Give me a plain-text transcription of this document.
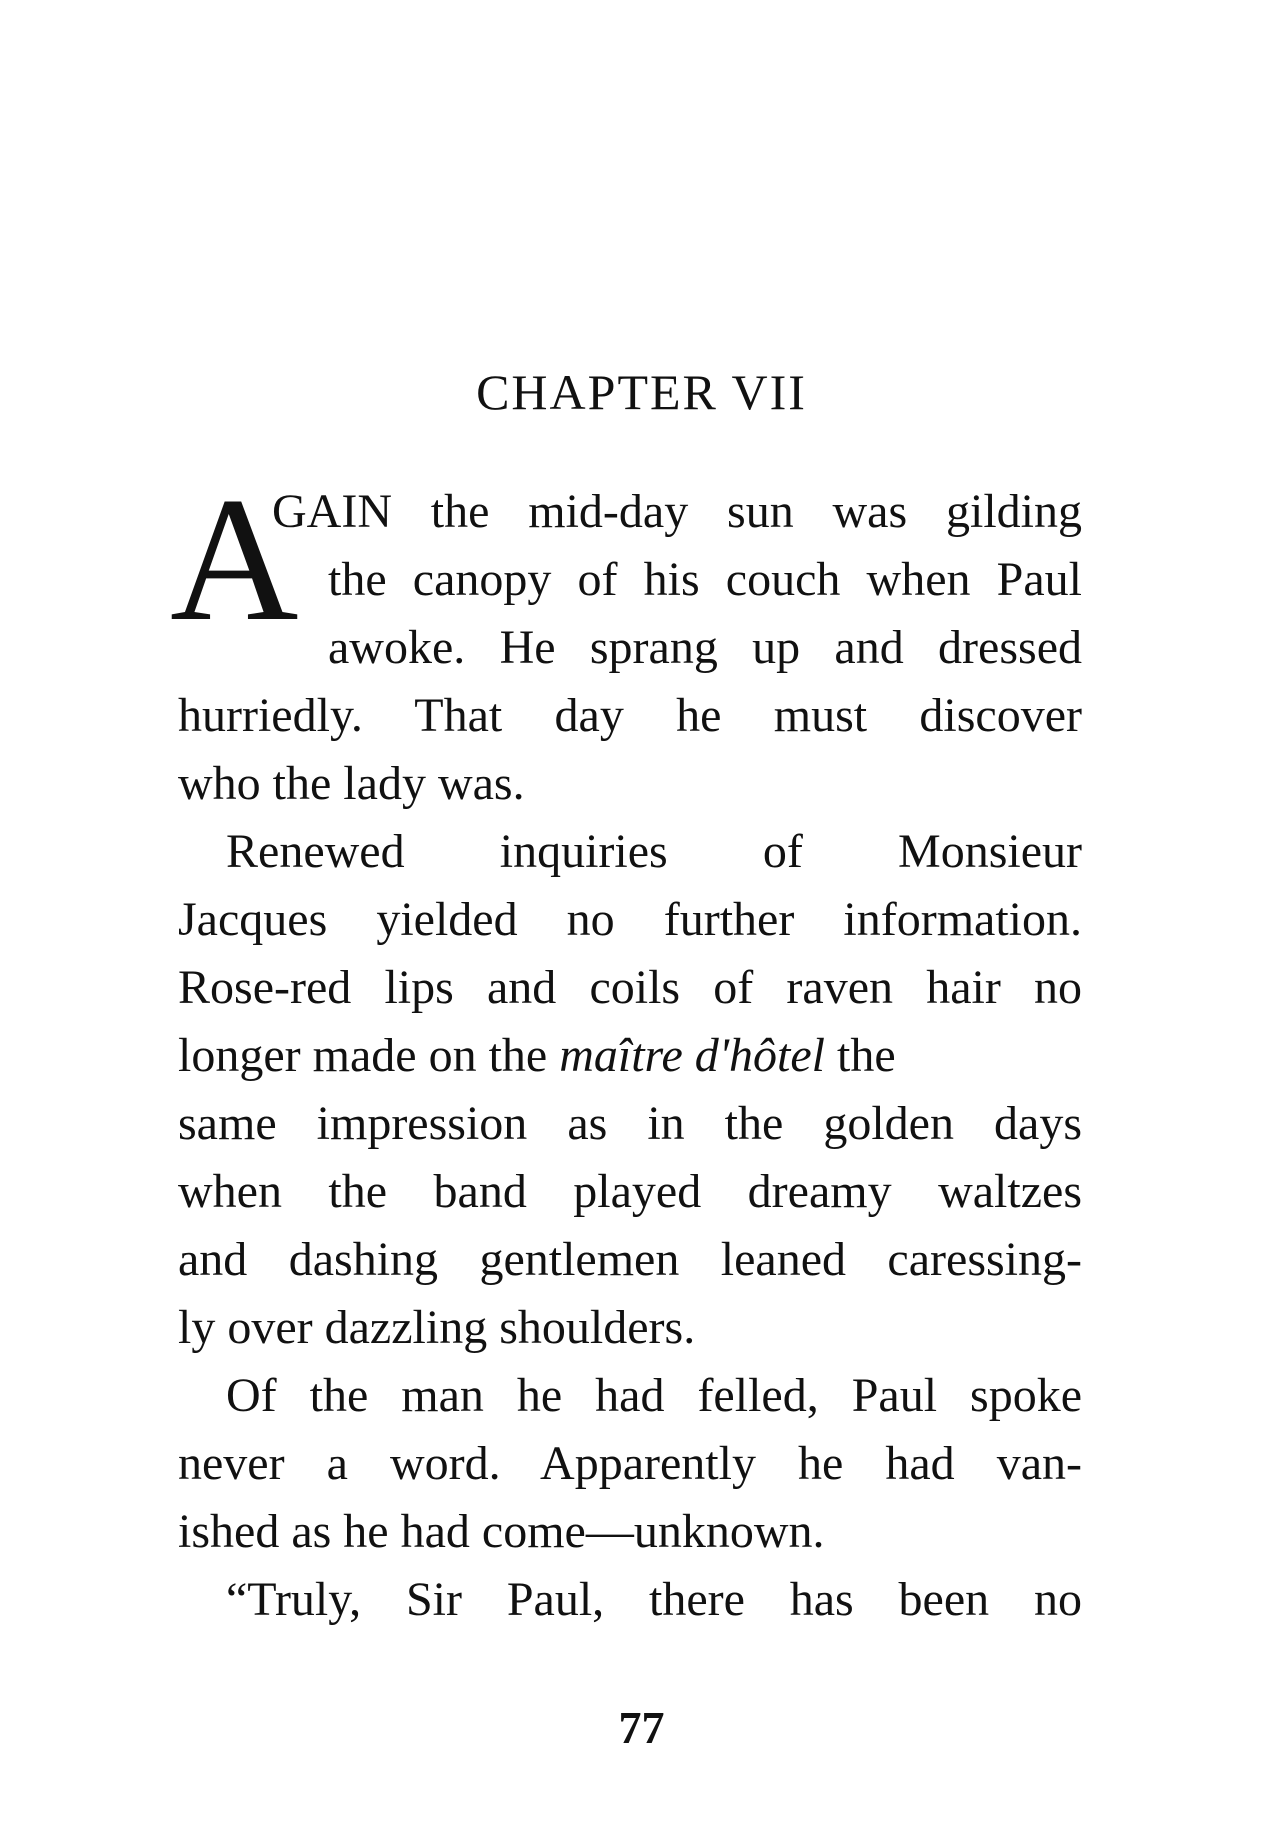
CHAPTER VII
A
GAIN the mid-day sun was gilding
the canopy of his couch when Paul
awoke. He sprang up and dressed
hurriedly. That day he must discover
who the lady was.
Renewed inquiries of Monsieur
Jacques yielded no further information.
Rose-red lips and coils of raven hair no
longer made on the maître d'hôtel the
same impression as in the golden days
when the band played dreamy waltzes
and dashing gentlemen leaned caressing-
ly over dazzling shoulders.
Of the man he had felled, Paul spoke
never a word. Apparently he had van-
ished as he had come—unknown.
“Truly, Sir Paul, there has been no
77
